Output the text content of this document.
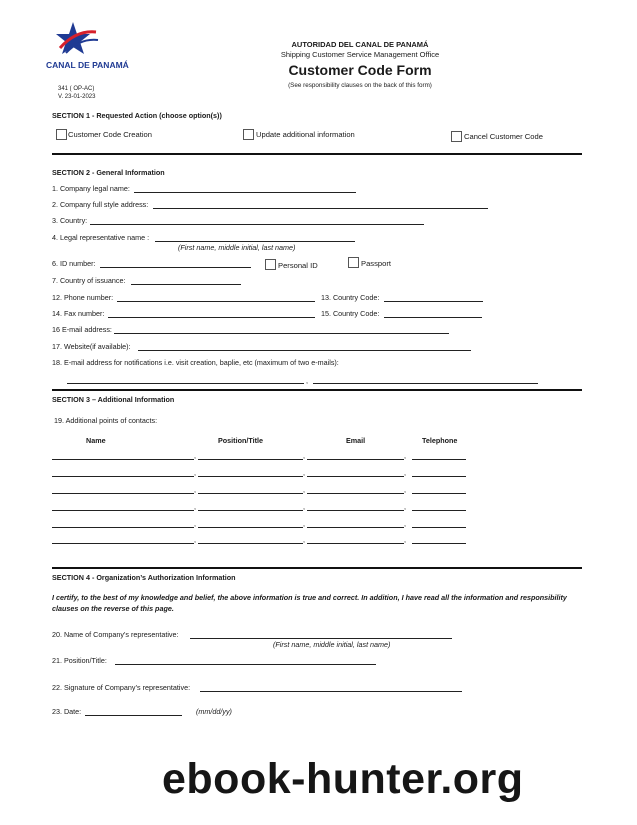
CANAL DE PANAMÁ
341 ( OP-AC)
V. 23-01-2023
AUTORIDAD DEL CANAL DE PANAMÁ
Shipping Customer Service Management Office
Customer Code Form
(See responsibility clauses on the back of this form)
SECTION 1 - Requested Action (choose option(s))
Customer Code Creation	Update additional information	Cancel Customer Code
SECTION 2 - General Information
1. Company legal name:
2. Company full style address:
3. Country:
4. Legal representative name :
(First name, middle initial, last name)
6. ID number:	Personal ID	Passport
7. Country of issuance:
12. Phone number:	13. Country Code:
14. Fax number:	15. Country Code:
16 E-mail address:
17. Website(if available):
18. E-mail address for notifications i.e. visit creation, baplie, etc (maximum of two e-mails):
,
SECTION 3 – Additional Information
19. Additional points of contacts:
Name	Position/Title	Email	Telephone
,	,	,
,	,	,
,	,	,
,	,	,
,	,	,
,	,	,
SECTION 4 - Organization’s Authorization Information
I certify, to the best of my knowledge and belief, the above information is true and correct. In addition, I have read all the information and responsibility clauses on the reverse of this page.
20. Name of Company’s representative:
(First name, middle initial, last name)
21. Position/Title:
22. Signature of Company’s representative:
23. Date:	(mm/dd/yy)
ebook-hunter.org
